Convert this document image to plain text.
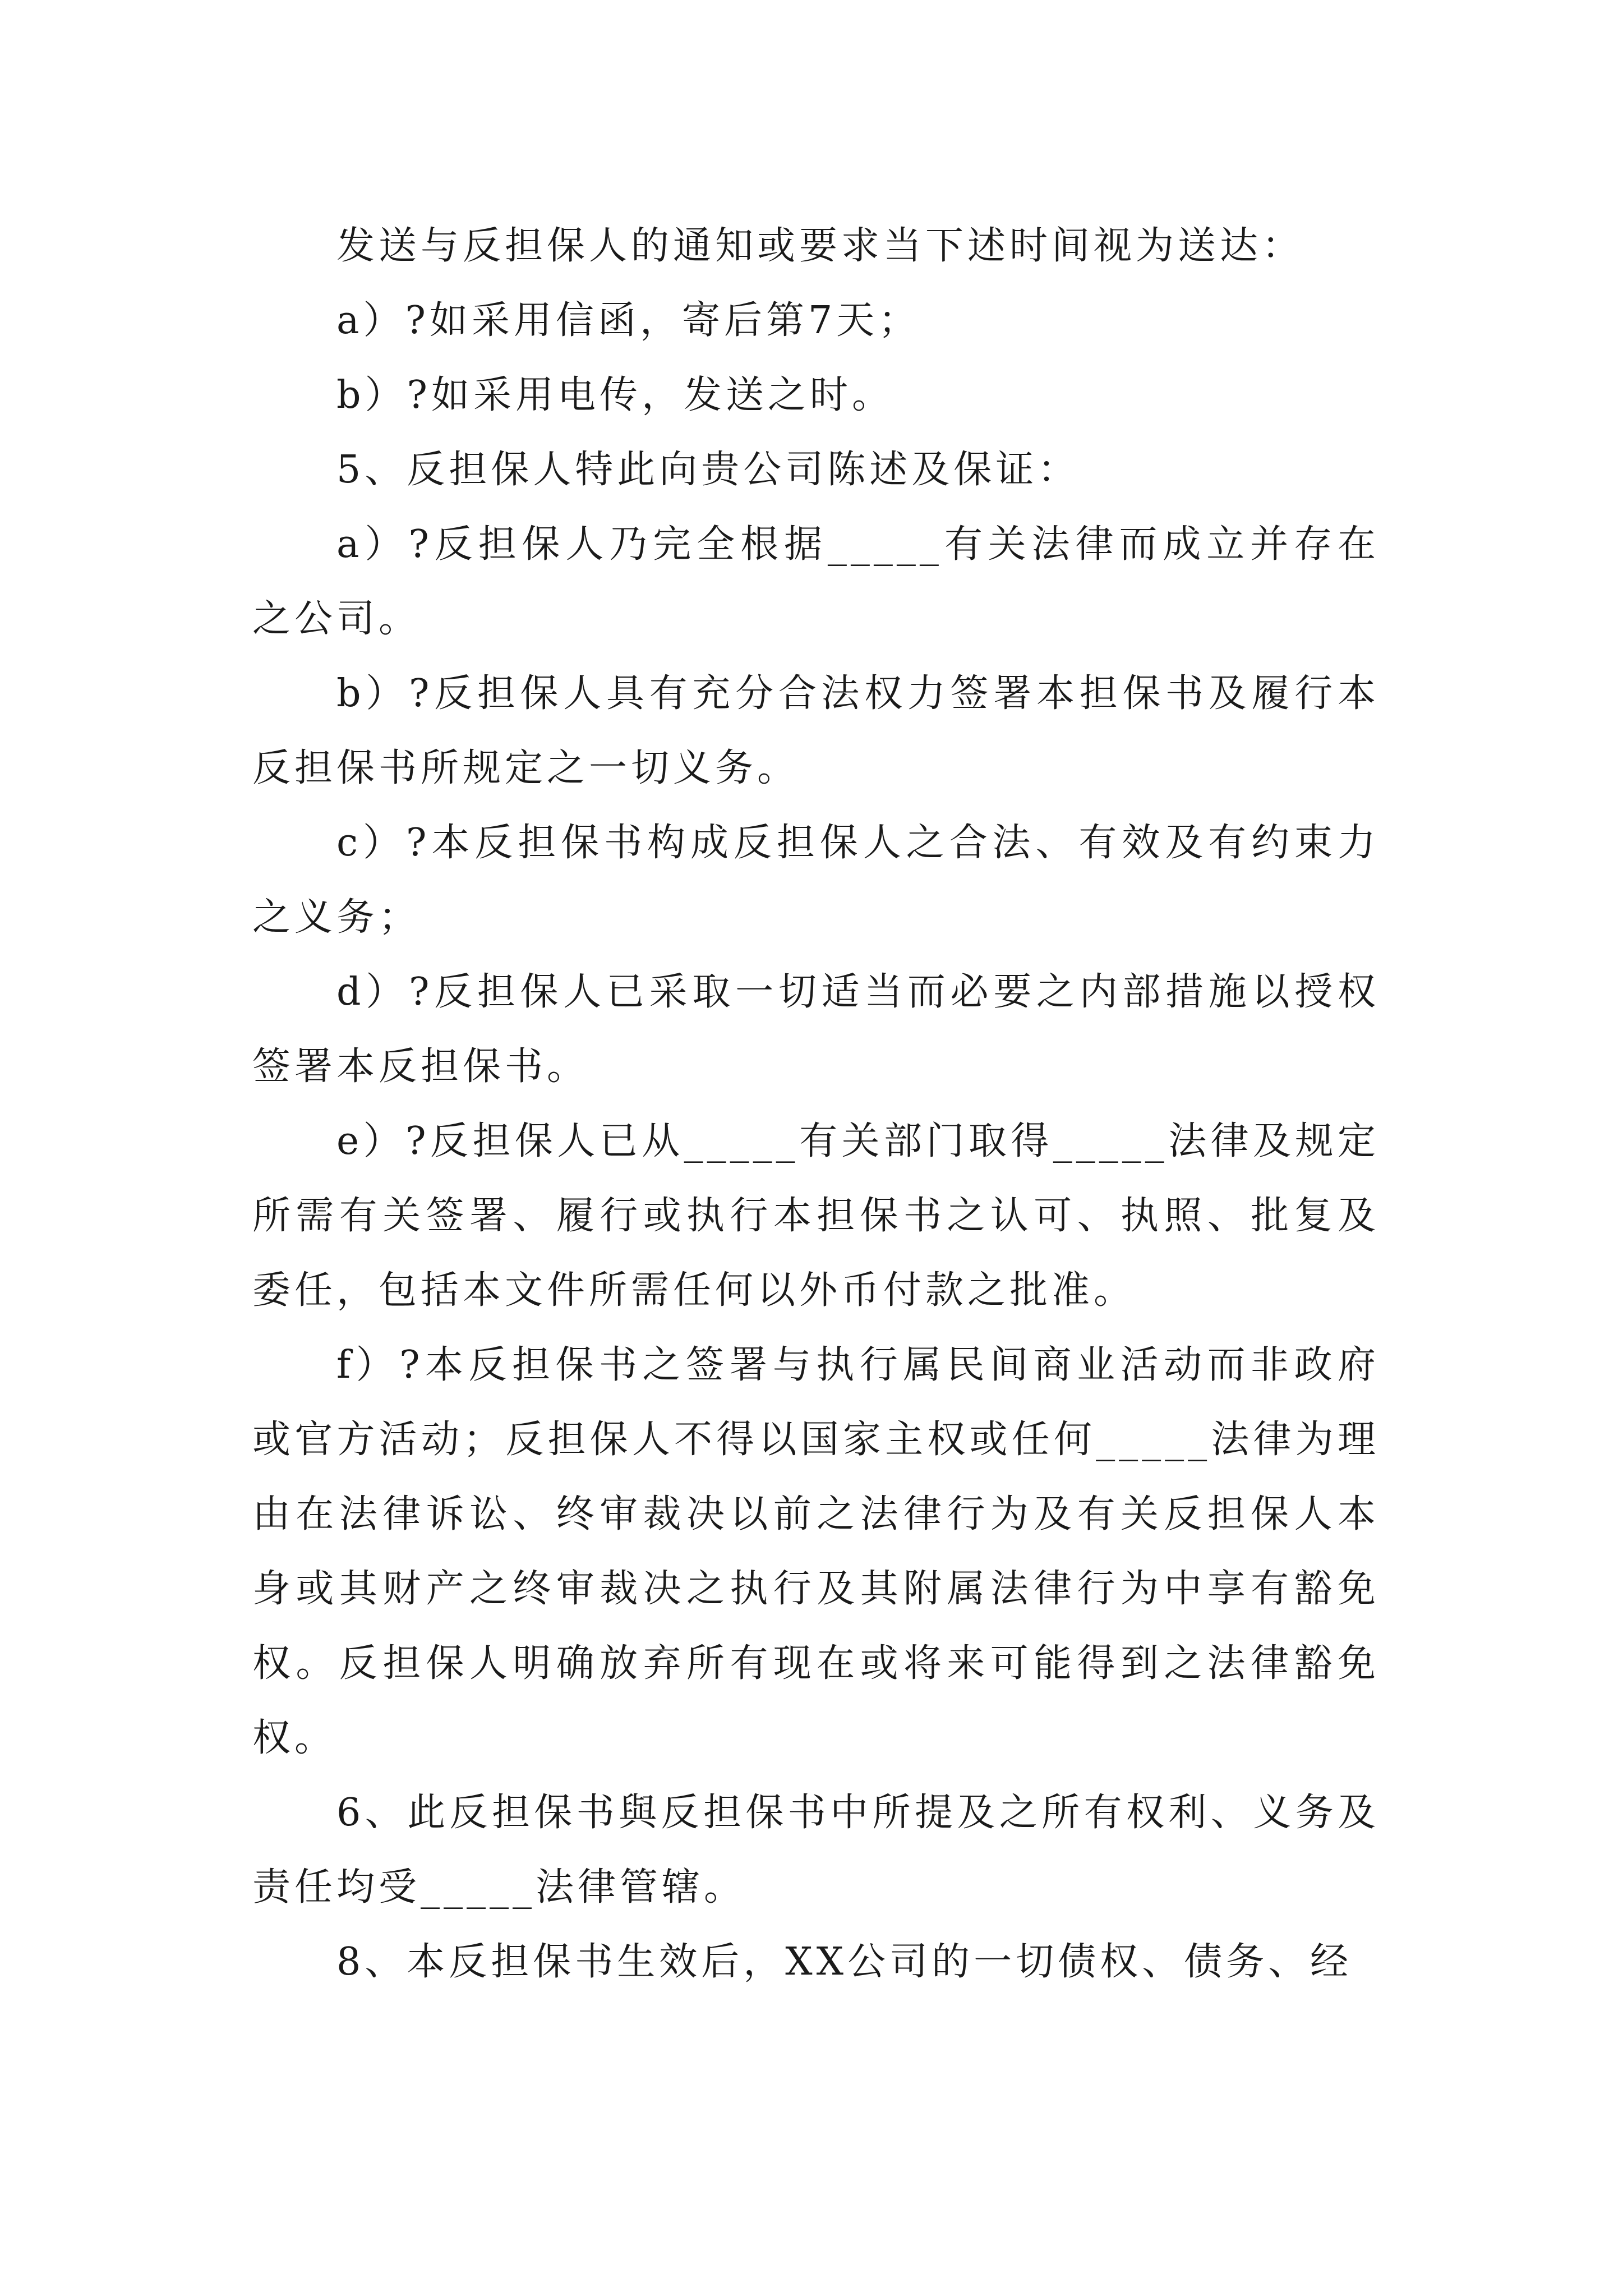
发送与反担保人的通知或要求当下述时间视为送达：

a）?如采用信函，寄后第7天；

b）?如采用电传，发送之时。

5、反担保人特此向贵公司陈述及保证：

a）?反担保人乃完全根据_____有关法律而成立并存在之公司。

b）?反担保人具有充分合法权力签署本担保书及履行本反担保书所规定之一切义务。

c）?本反担保书构成反担保人之合法、有效及有约束力之义务；

d）?反担保人已采取一切适当而必要之内部措施以授权签署本反担保书。

e）?反担保人已从_____有关部门取得_____法律及规定所需有关签署、履行或执行本担保书之认可、执照、批复及委任，包括本文件所需任何以外币付款之批准。

f）?本反担保书之签署与执行属民间商业活动而非政府或官方活动；反担保人不得以国家主权或任何_____法律为理由在法律诉讼、终审裁决以前之法律行为及有关反担保人本身或其财产之终审裁决之执行及其附属法律行为中享有豁免权。反担保人明确放弃所有现在或将来可能得到之法律豁免权。

6、此反担保书與反担保书中所提及之所有权利、义务及责任均受_____法律管辖。

8、本反担保书生效后，XX公司的一切债权、债务、经
